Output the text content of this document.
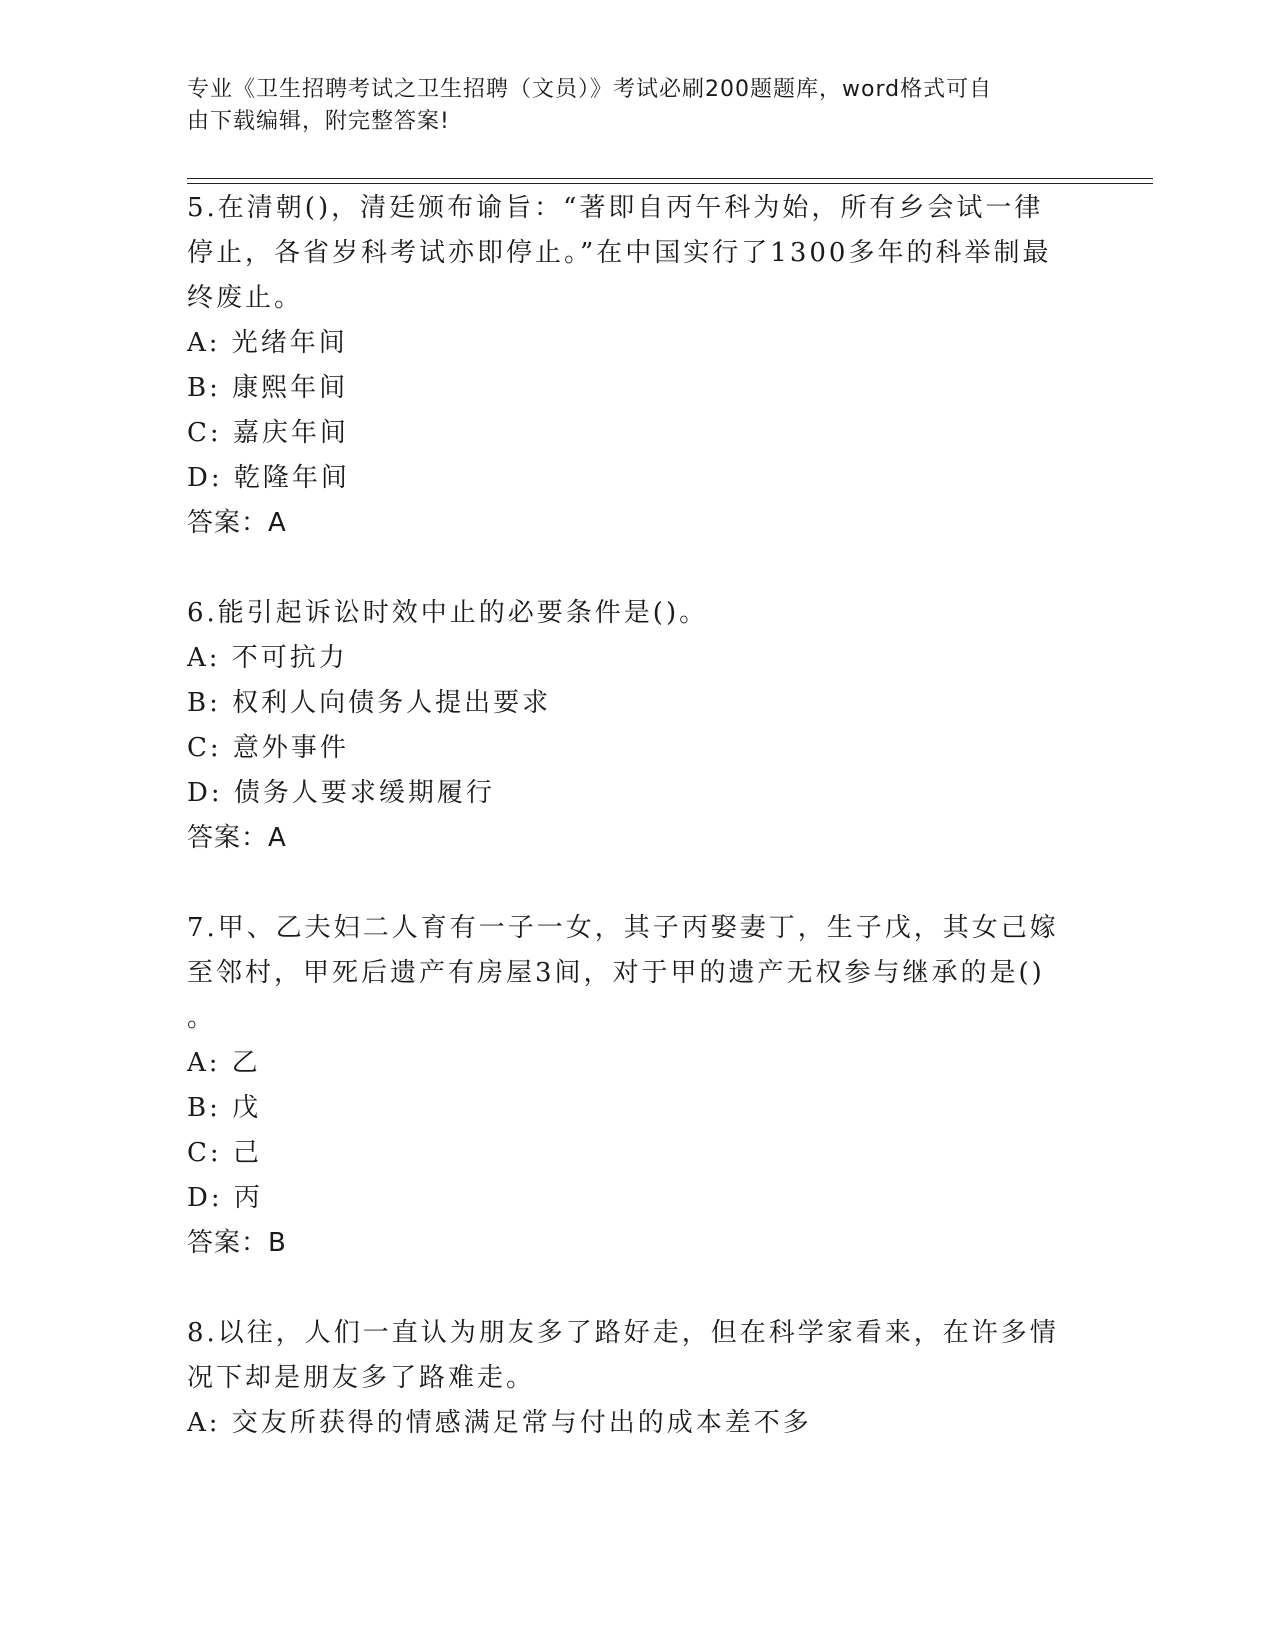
专业《卫生招聘考试之卫生招聘（文员）》考试必刷200题题库，word格式可自
由下载编辑，附完整答案!
5.在清朝()，清廷颁布谕旨：“著即自丙午科为始，所有乡会试一律
停止，各省岁科考试亦即停止。”在中国实行了1300多年的科举制最
终废止。
A: 光绪年间
B: 康熙年间
C: 嘉庆年间
D: 乾隆年间
答案：A
6.能引起诉讼时效中止的必要条件是()。
A: 不可抗力
B: 权利人向债务人提出要求
C: 意外事件
D: 债务人要求缓期履行
答案：A
7.甲、乙夫妇二人育有一子一女，其子丙娶妻丁，生子戊，其女己嫁
至邻村，甲死后遗产有房屋3间，对于甲的遗产无权参与继承的是()
。
A: 乙
B: 戊
C: 己
D: 丙
答案：B
8.以往，人们一直认为朋友多了路好走，但在科学家看来，在许多情
况下却是朋友多了路难走。
A: 交友所获得的情感满足常与付出的成本差不多
